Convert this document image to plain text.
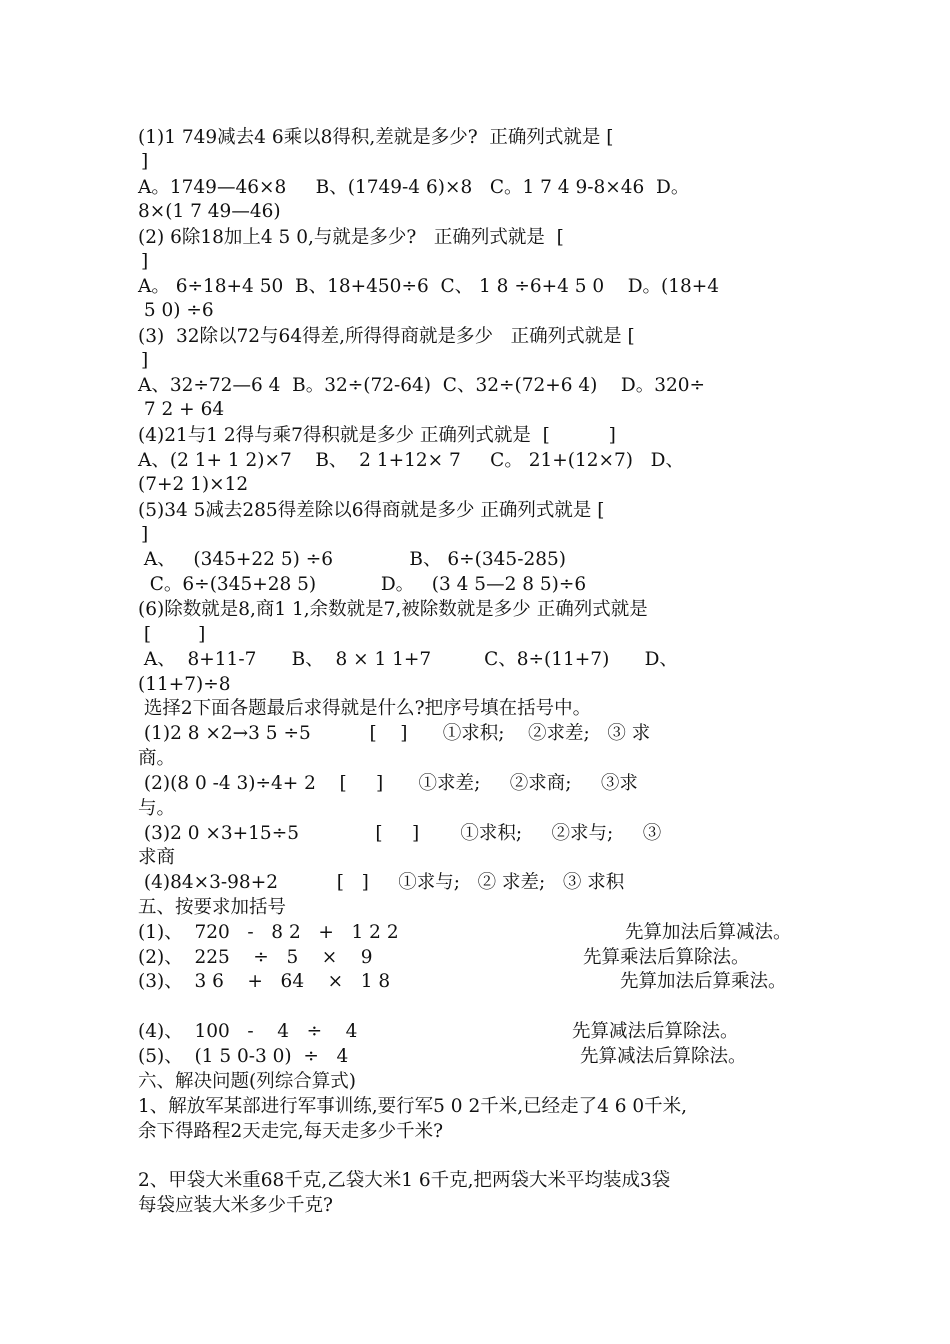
(1)1 749减去4 6乘以8得积,差就是多少?  正确列式就是 [

]

A。1749—46×8     B、(1749-4 6)×8   C。1 7 4 9-8×46  D。

8×(1 7 49—46)

(2) 6除18加上4 5 0,与就是多少?   正确列式就是  [

]

A。 6÷18+4 50  B、18+450÷6  C、 1 8 ÷6+4 5 0    D。(18+4

5 0) ÷6

(3)  32除以72与64得差,所得得商就是多少   正确列式就是 [

]

A、32÷72—6 4  B。32÷(72-64)  C、32÷(72+6 4)    D。320÷

7 2 + 64

(4)21与1 2得与乘7得积就是多少 正确列式就是  [          ]

A、(2 1+ 1 2)×7    B、  2 1+12× 7     C。 21+(12×7)   D、

(7+2 1)×12

(5)34 5减去285得差除以6得商就是多少 正确列式就是 [

]

A、   (345+22 5) ÷6             B、 6÷(345-285)

C。6÷(345+28 5)           D。   (3 4 5—2 8 5)÷6

(6)除数就是8,商1 1,余数就是7,被除数就是多少 正确列式就是

[        ]

A、  8+11-7      B、  8 × 1 1+7         C、8÷(11+7)      D、

(11+7)÷8

选择2下面各题最后求得就是什么?把序号填在括号中。

(1)2 8 ×2→3 5 ÷5          [    ]      ①求积;    ②求差;   ③ 求

商。

(2)(8 0 -4 3)÷4+ 2    [     ]      ①求差;     ②求商;     ③求

与。

(3)2 0 ×3+15÷5             [     ]       ①求积;     ②求与;     ③

求商

(4)84×3-98+2          [   ]     ①求与;   ② 求差;   ③ 求积

五、按要求加括号

(1)、  720   -   8 2   +   1 2 2	先算加法后算减法。

(2)、  225    ÷   5    ×    9	先算乘法后算除法。

(3)、  3 6    +   64    ×   1 8	先算加法后算乘法。

(4)、  100   -    4   ÷    4	先算减法后算除法。

(5)、  (1 5 0-3 0)  ÷   4	先算减法后算除法。

六、解决问题(列综合算式)

1、解放军某部进行军事训练,要行军5 0 2千米,已经走了4 6 0千米,

余下得路程2天走完,每天走多少千米?

2、甲袋大米重68千克,乙袋大米1 6千克,把两袋大米平均装成3袋

每袋应装大米多少千克?
